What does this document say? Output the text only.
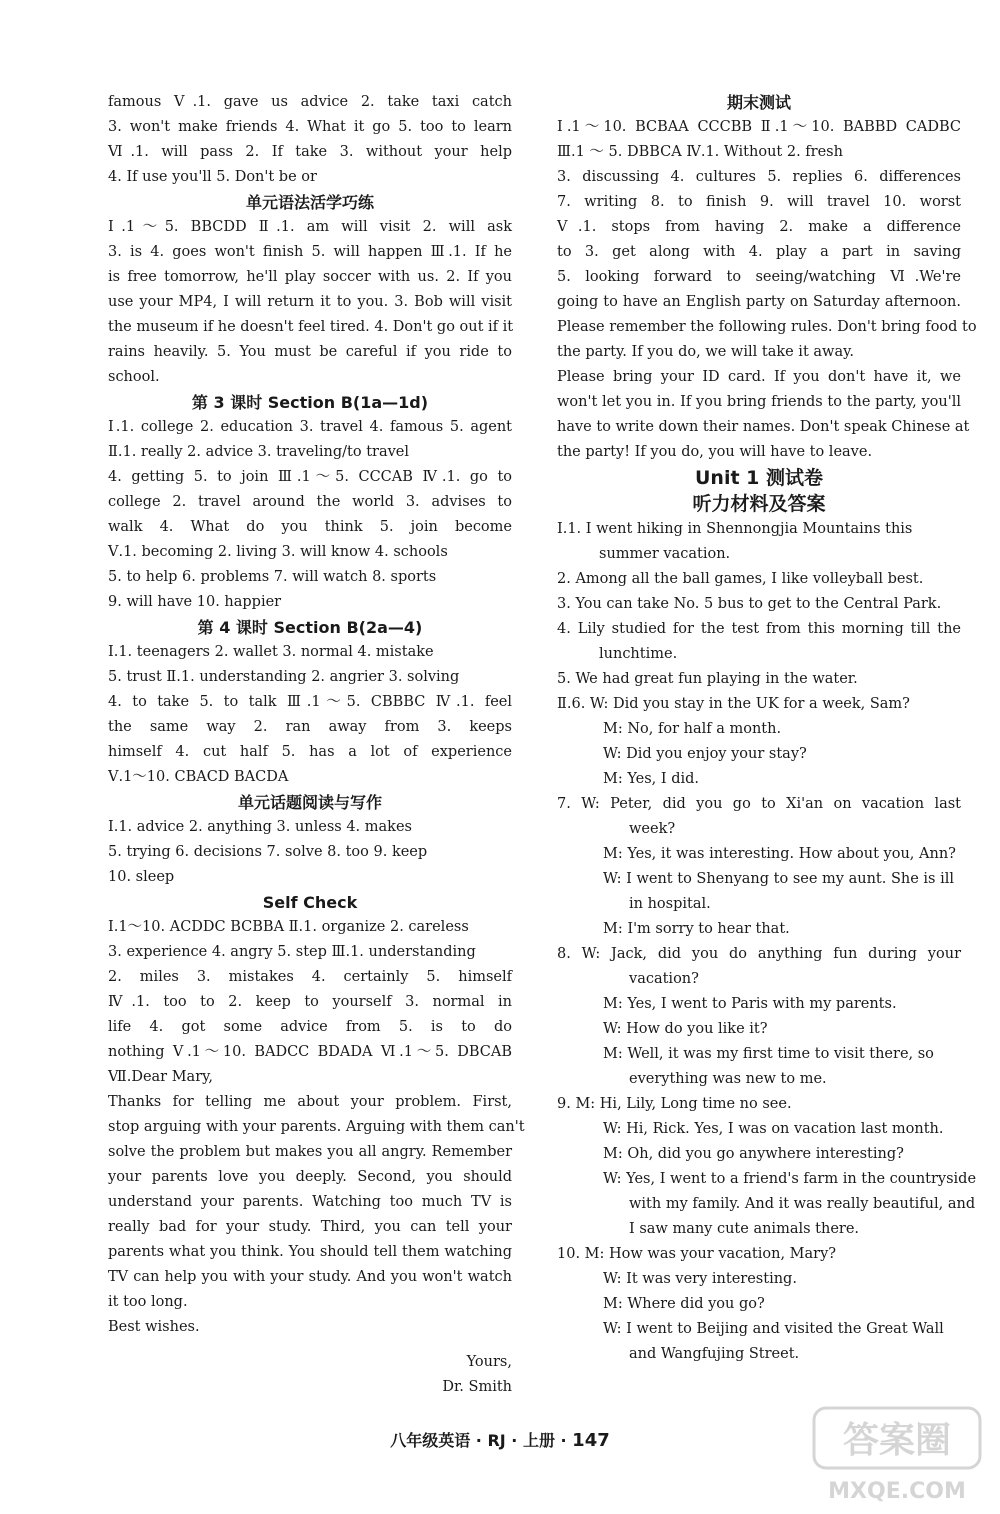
famous Ⅴ.1. gave us advice 2. take taxi catch
3. won't make friends 4. What it go 5. too to learn
Ⅵ.1. will pass 2. If take 3. without your help
4. If use you'll 5. Don't be or
单元语法活学巧练
Ⅰ.1～5. BBCDD Ⅱ.1. am will visit 2. will ask
3. is 4. goes won't finish 5. will happen Ⅲ.1. If he
is free tomorrow, he'll play soccer with us. 2. If you
use your MP4, I will return it to you. 3. Bob will visit
the museum if he doesn't feel tired. 4. Don't go out if it
rains heavily. 5. You must be careful if you ride to
school.
第 3 课时 Section B(1a—1d)
Ⅰ.1. college 2. education 3. travel 4. famous 5. agent
Ⅱ.1. really 2. advice 3. traveling/to travel
4. getting 5. to join Ⅲ.1～5. CCCAB Ⅳ.1. go to
college 2. travel around the world 3. advises to
walk 4. What do you think 5. join become
Ⅴ.1. becoming 2. living 3. will know 4. schools
5. to help 6. problems 7. will watch 8. sports
9. will have 10. happier
第 4 课时 Section B(2a—4)
Ⅰ.1. teenagers 2. wallet 3. normal 4. mistake
5. trust Ⅱ.1. understanding 2. angrier 3. solving
4. to take 5. to talk Ⅲ.1～5. CBBBC Ⅳ.1. feel
the same way 2. ran away from 3. keeps
himself 4. cut half 5. has a lot of experience
Ⅴ.1～10. CBACD BACDA
单元话题阅读与写作
Ⅰ.1. advice 2. anything 3. unless 4. makes
5. trying 6. decisions 7. solve 8. too 9. keep
10. sleep
Self Check
Ⅰ.1～10. ACDDC BCBBA Ⅱ.1. organize 2. careless
3. experience 4. angry 5. step Ⅲ.1. understanding
2. miles 3. mistakes 4. certainly 5. himself
Ⅳ.1. too to 2. keep to yourself 3. normal in
life 4. got some advice from 5. is to do
nothing Ⅴ.1～10. BADCC BDADA Ⅵ.1～5. DBCAB
Ⅶ.Dear Mary,
Thanks for telling me about your problem. First,
stop arguing with your parents. Arguing with them can't
solve the problem but makes you all angry. Remember
your parents love you deeply. Second, you should
understand your parents. Watching too much TV is
really bad for your study. Third, you can tell your
parents what you think. You should tell them watching
TV can help you with your study. And you won't watch
it too long.
Best wishes.
Yours,
Dr. Smith
期末测试
Ⅰ.1～10. BCBAA CCCBB Ⅱ.1～10. BABBD CADBC
Ⅲ.1 ～ 5. DBBCA Ⅳ.1. Without 2. fresh
3. discussing 4. cultures 5. replies 6. differences
7. writing 8. to finish 9. will travel 10. worst
Ⅴ.1. stops from having 2. make a difference
to 3. get along with 4. play a part in saving
5. looking forward to seeing/watching Ⅵ.We're
going to have an English party on Saturday afternoon.
Please remember the following rules. Don't bring food to
the party. If you do, we will take it away.
Please bring your ID card. If you don't have it, we
won't let you in. If you bring friends to the party, you'll
have to write down their names. Don't speak Chinese at
the party! If you do, you will have to leave.
Unit 1 测试卷
听力材料及答案
Ⅰ.1. I went hiking in Shennongjia Mountains this
summer vacation.
2. Among all the ball games, I like volleyball best.
3. You can take No. 5 bus to get to the Central Park.
4. Lily studied for the test from this morning till the
lunchtime.
5. We had great fun playing in the water.
Ⅱ.6. W: Did you stay in the UK for a week, Sam?
M: No, for half a month.
W: Did you enjoy your stay?
M: Yes, I did.
7. W: Peter, did you go to Xi'an on vacation last
week?
M: Yes, it was interesting. How about you, Ann?
W: I went to Shenyang to see my aunt. She is ill
in hospital.
M: I'm sorry to hear that.
8. W: Jack, did you do anything fun during your
vacation?
M: Yes, I went to Paris with my parents.
W: How do you like it?
M: Well, it was my first time to visit there, so
everything was new to me.
9. M: Hi, Lily, Long time no see.
W: Hi, Rick. Yes, I was on vacation last month.
M: Oh, did you go anywhere interesting?
W: Yes, I went to a friend's farm in the countryside
with my family. And it was really beautiful, and
I saw many cute animals there.
10. M: How was your vacation, Mary?
W: It was very interesting.
M: Where did you go?
W: I went to Beijing and visited the Great Wall
and Wangfujing Street.
八年级英语 · RJ · 上册 · 147	答案圈
MXQE.COM
